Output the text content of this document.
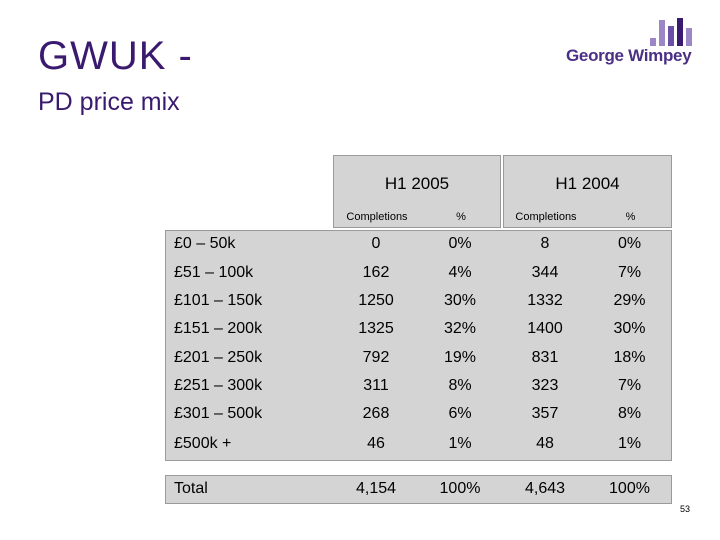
GWUK -
PD price mix
George Wimpey
H1 2005
Completions	%
H1 2004
Completions	%
£0 – 50k	0	0%	8	0%
£51 – 100k	162	4%	344	7%
£101 – 150k	1250	30%	1332	29%
£151 – 200k	1325	32%	1400	30%
£201 – 250k	792	19%	831	18%
£251 – 300k	311	8%	323	7%
£301 – 500k	268	6%	357	8%
£500k +	46	1%	48	1%
Total	4,154	100%	4,643	100%
53
